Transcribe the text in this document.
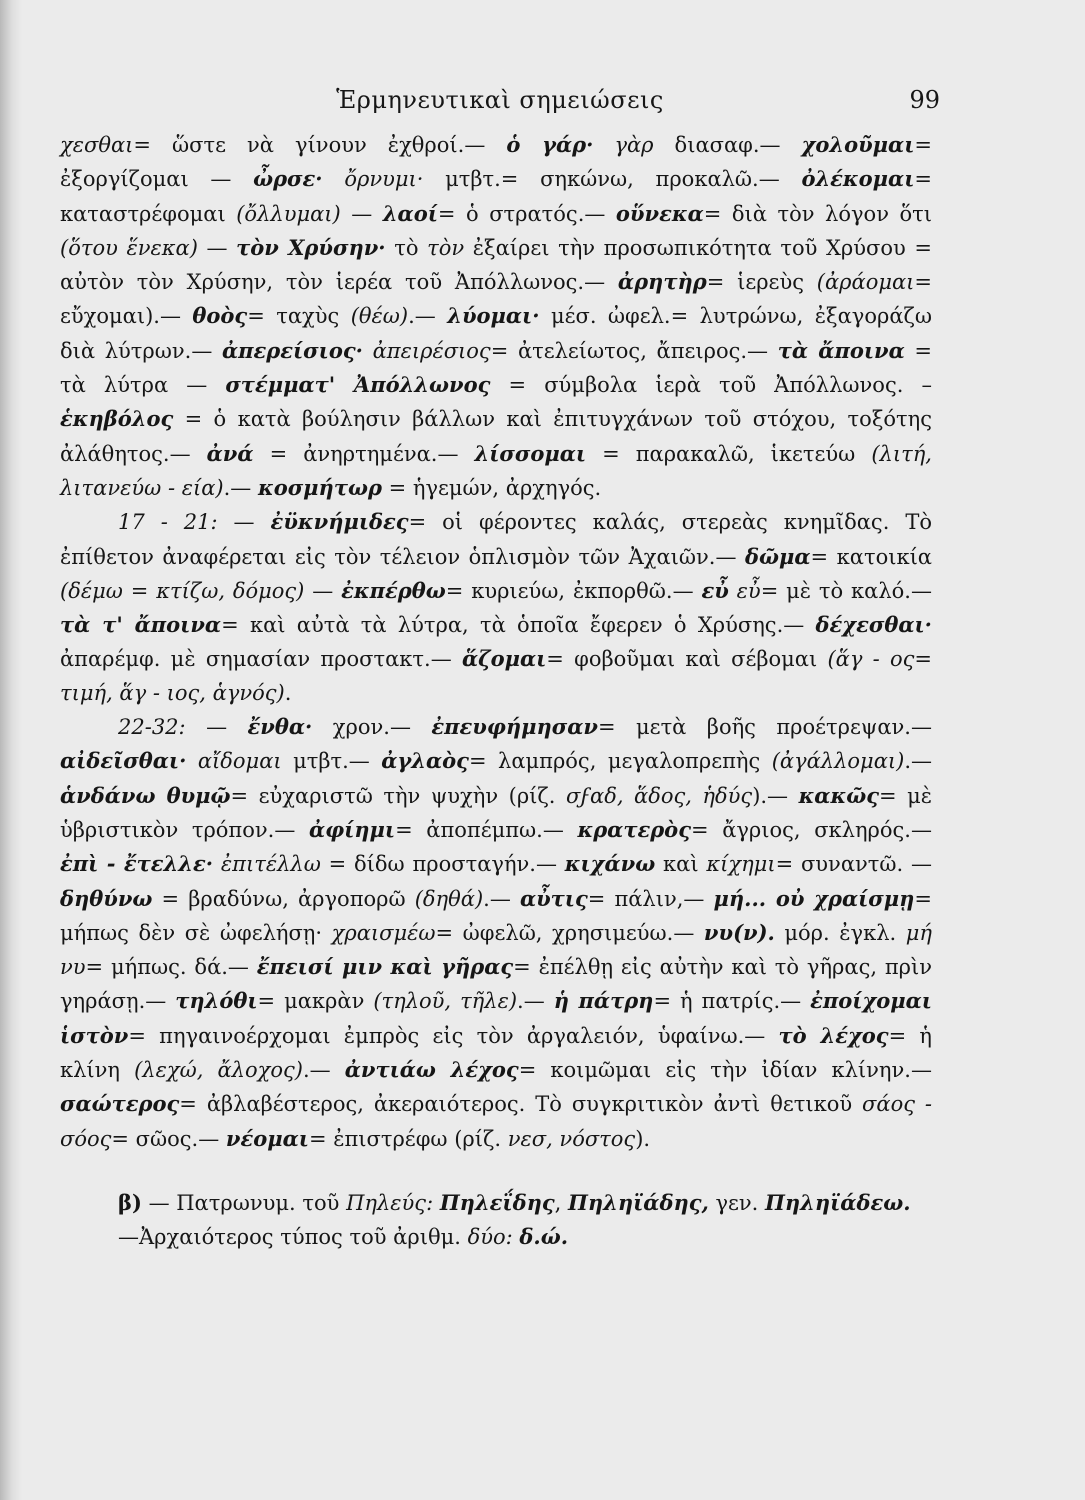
Ἑρμηνευτικαὶ σημειώσεις	99

χεσθαι= ὥστε νὰ γίνουν ἐχθροί.— ὁ γάρ· γὰρ διασαφ.— χολοῦμαι= ἐξοργίζομαι — ὦρσε· ὄρνυμι· μτβτ.= σηκώνω, προκαλῶ.— ὀλέκομαι= καταστρέφομαι (ὄλλυμαι) — λαοί= ὁ στρατός.— οὕνεκα= διὰ τὸν λόγον ὅτι (ὅτου ἕνεκα) — τὸν Χρύσην· τὸ τὸν ἐξαίρει τὴν προσωπικότητα τοῦ Χρύσου = αὐτὸν τὸν Χρύσην, τὸν ἱερέα τοῦ Ἀπόλλωνος.— ἀρητὴρ= ἱερεὺς (ἀράομαι= εὔχομαι).— θοὸς= ταχὺς (θέω).— λύομαι· μέσ. ὠφελ.= λυτρώνω, ἐξαγοράζω διὰ λύτρων.— ἀπερείσιος· ἀπειρέσιος= ἀτελείωτος, ἄπειρος.— τὰ ἄποινα = τὰ λύτρα — στέμματ' Ἀπόλλωνος = σύμβολα ἱερὰ τοῦ Ἀπόλλωνος. – ἑκηβόλος = ὁ κατὰ βούλησιν βάλλων καὶ ἐπιτυγχάνων τοῦ στόχου, τοξότης ἀλάθητος.— ἀνά = ἀνηρτημένα.— λίσσομαι = παρακαλῶ, ἱκετεύω (λιτή, λιτανεύω - εία).— κοσμήτωρ = ἡγεμών, ἀρχηγός.

17 - 21: — ἐϋκνήμιδες= οἱ φέροντες καλάς, στερεὰς κνημῖδας. Τὸ ἐπίθετον ἀναφέρεται εἰς τὸν τέλειον ὁπλισμὸν τῶν Ἀχαιῶν.— δῶμα= κατοικία (δέμω = κτίζω, δόμος) — ἐκπέρθω= κυριεύω, ἐκπορθῶ.— εὖ εὖ= μὲ τὸ καλό.— τὰ τ' ἄποινα= καὶ αὐτὰ τὰ λύτρα, τὰ ὁποῖα ἔφερεν ὁ Χρύσης.— δέχεσθαι· ἀπαρέμφ. μὲ σημασίαν προστακτ.— ἅζομαι= φοβοῦμαι καὶ σέβομαι (ἅγ - ος= τιμή, ἅγ - ιος, ἁγνός).

22-32: — ἔνθα· χρον.— ἐπευφήμησαν= μετὰ βοῆς προέτρεψαν.— αἰδεῖσθαι· αἴδομαι μτβτ.— ἀγλαὸς= λαμπρός, μεγαλοπρεπὴς (ἀγάλλομαι).— ἁνδάνω θυμῷ= εὐχαριστῶ τὴν ψυχὴν (ρίζ. σϝαδ, ἅδος, ἡδύς).— κακῶς= μὲ ὑβριστικὸν τρόπον.— ἀφίημι= ἀποπέμπω.— κρατερὸς= ἄγριος, σκληρός.— ἐπὶ - ἔτελλε· ἐπιτέλλω = δίδω προσταγήν.— κιχάνω καὶ κίχημι= συναντῶ. — δηθύνω = βραδύνω, ἀργοπορῶ (δηθά).— αὖτις= πάλιν,— μή... οὐ χραίσμῃ= μήπως δὲν σὲ ὠφελήσῃ· χραισμέω= ὠφελῶ, χρησιμεύω.— νυ(ν). μόρ. ἐγκλ. μή νυ= μήπως. δά.— ἔπεισί μιν καὶ γῆρας= ἐπέλθῃ εἰς αὐτὴν καὶ τὸ γῆρας, πρὶν γηράσῃ.— τηλόθι= μακρὰν (τηλοῦ, τῆλε).— ἡ πάτρη= ἡ πατρίς.— ἐποίχομαι ἱστὸν= πηγαινοέρχομαι ἐμπρὸς εἰς τὸν ἀργαλειόν, ὑφαίνω.— τὸ λέχος= ἡ κλίνη (λεχώ, ἄλοχος).— ἀντιάω λέχος= κοιμῶμαι εἰς τὴν ἰδίαν κλίνην.— σαώτερος= ἀβλαβέστερος, ἀκεραιότερος. Τὸ συγκριτικὸν ἀντὶ θετικοῦ σάος - σόος= σῶος.— νέομαι= ἐπιστρέφω (ρίζ. νεσ, νόστος).

β) — Πατρωνυμ. τοῦ Πηλεύς: Πηλεΐδης, Πηληϊάδης, γεν. Πηληϊάδεω.

—Ἀρχαιότερος τύπος τοῦ ἀριθμ. δύο: δ.ώ.
